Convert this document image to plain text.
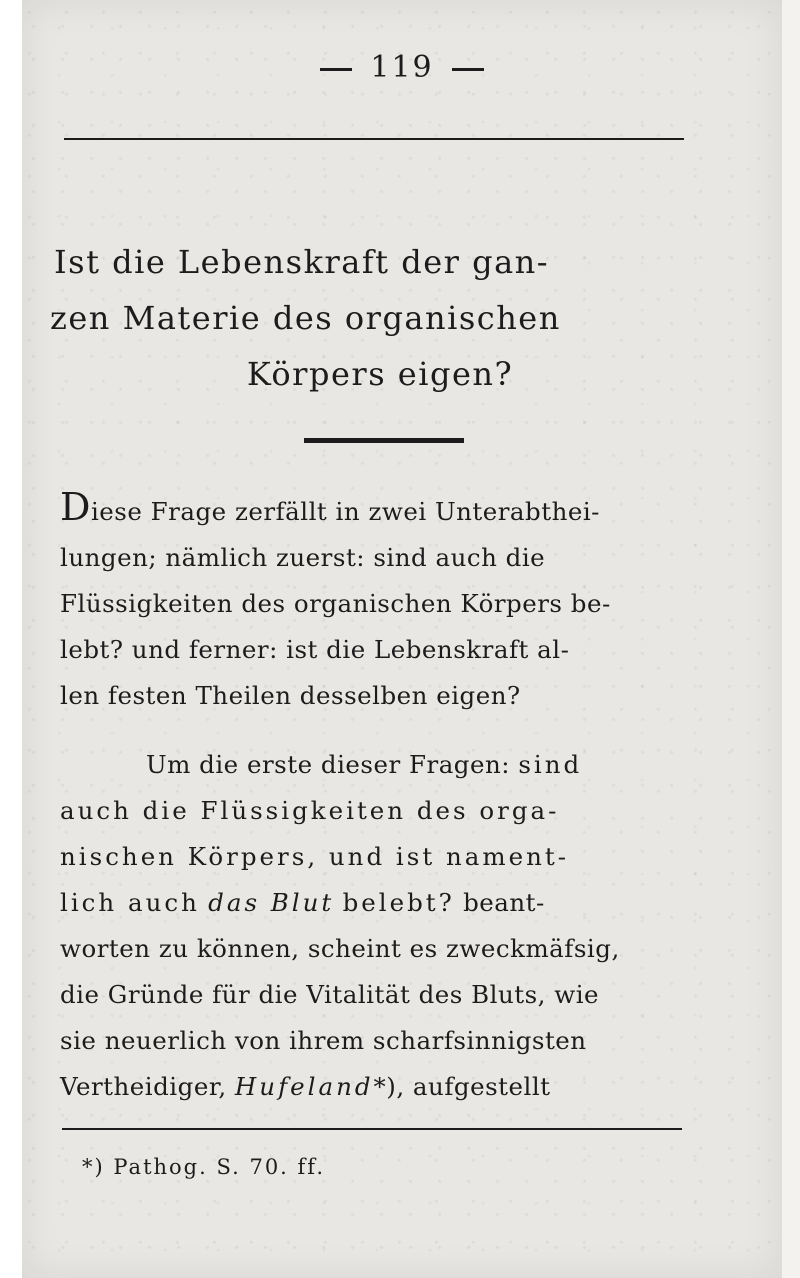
119
Ist die Lebenskraft der gan-
zen Materie des organischen
Körpers eigen?
Diese Frage zerfällt in zwei Unterabthei-
lungen; nämlich zuerst: sind auch die
Flüssigkeiten des organischen Körpers be-
lebt? und ferner: ist die Lebenskraft al-
len festen Theilen desselben eigen?
Um die erste dieser Fragen: sind
auch die Flüssigkeiten des orga-
nischen Körpers, und ist nament-
lich auch das Blut belebt? beant-
worten zu können, scheint es zweckmäfsig,
die Gründe für die Vitalität des Bluts, wie
sie neuerlich von ihrem scharfsinnigsten
Vertheidiger, Hufeland*), aufgestellt
*) Pathog. S. 70. ff.
